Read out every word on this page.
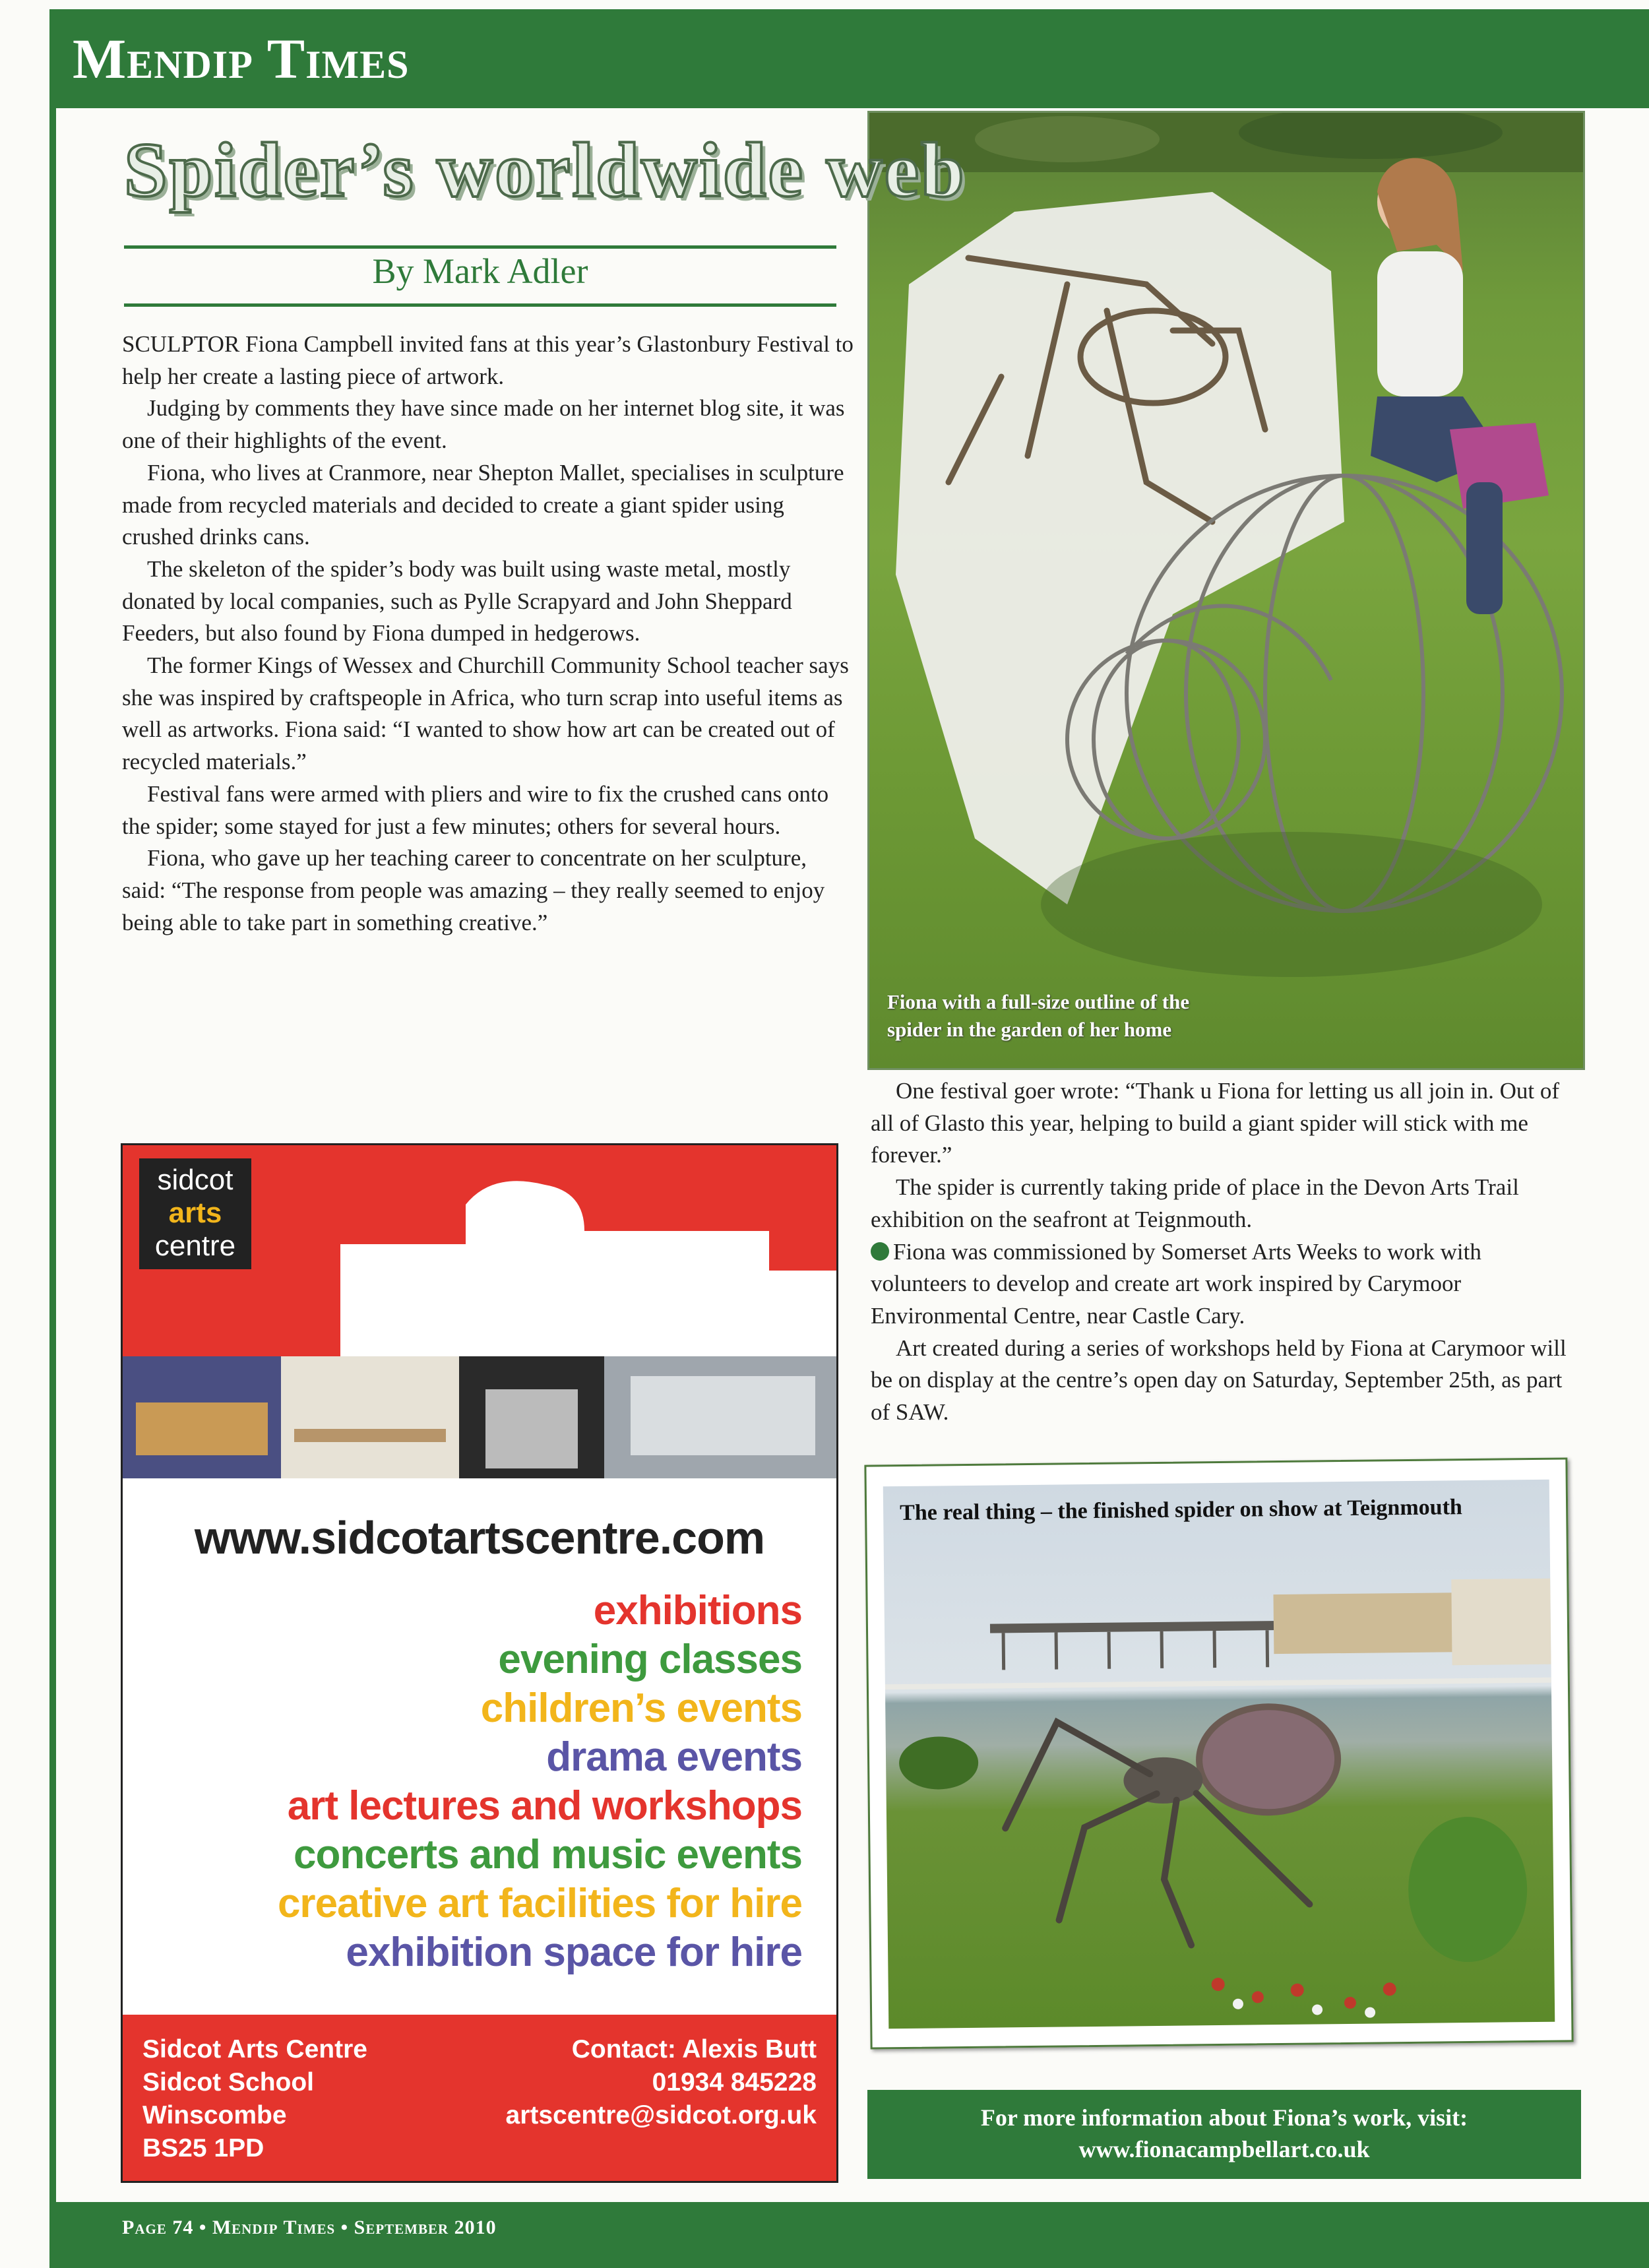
Mendip Times
Fiona with a full-size outline of the spider in the garden of her home
Spider’s worldwide web
By Mark Adler

SCULPTOR Fiona Campbell invited fans at this year’s Glastonbury Festival to help her create a lasting piece of artwork.

Judging by comments they have since made on her internet blog site, it was one of their highlights of the event.

Fiona, who lives at Cranmore, near Shepton Mallet, specialises in sculpture made from recycled materials and decided to create a giant spider using crushed drinks cans.

The skeleton of the spider’s body was built using waste metal, mostly donated by local companies, such as Pylle Scrapyard and John Sheppard Feeders, but also found by Fiona dumped in hedgerows.

The former Kings of Wessex and Churchill Community School teacher says she was inspired by craftspeople in Africa, who turn scrap into useful items as well as artworks. Fiona said: “I wanted to show how art can be created out of recycled materials.”

Festival fans were armed with pliers and wire to fix the crushed cans onto the spider; some stayed for just a few minutes; others for several hours.

Fiona, who gave up her teaching career to concentrate on her sculpture, said: “The response from people was amazing – they really seemed to enjoy being able to take part in something creative.”

One festival goer wrote: “Thank u Fiona for letting us all join in. Out of all of Glasto this year, helping to build a giant spider will stick with me forever.”

The spider is currently taking pride of place in the Devon Arts Trail exhibition on the seafront at Teignmouth.

Fiona was commissioned by Somerset Arts Weeks to work with volunteers to develop and create art work inspired by Carymoor Environmental Centre, near Castle Cary.

Art created during a series of workshops held by Fiona at Carymoor will be on display at the centre’s open day on Saturday, September 25th, as part of SAW.

sidcot
arts
centre
www.sidcotartscentre.com
exhibitions
evening classes
children’s events
drama events
art lectures and workshops
concerts and music events
creative art facilities for hire
exhibition space for hire
Sidcot Arts Centre
Sidcot School
Winscombe
BS25 1PD
Contact: Alexis Butt
01934 845228
artscentre@sidcot.org.uk
The real thing – the finished spider on show at Teignmouth
For more information about Fiona’s work, visit:
www.fionacampbellart.co.uk
Page 74 • Mendip Times • September 2010
